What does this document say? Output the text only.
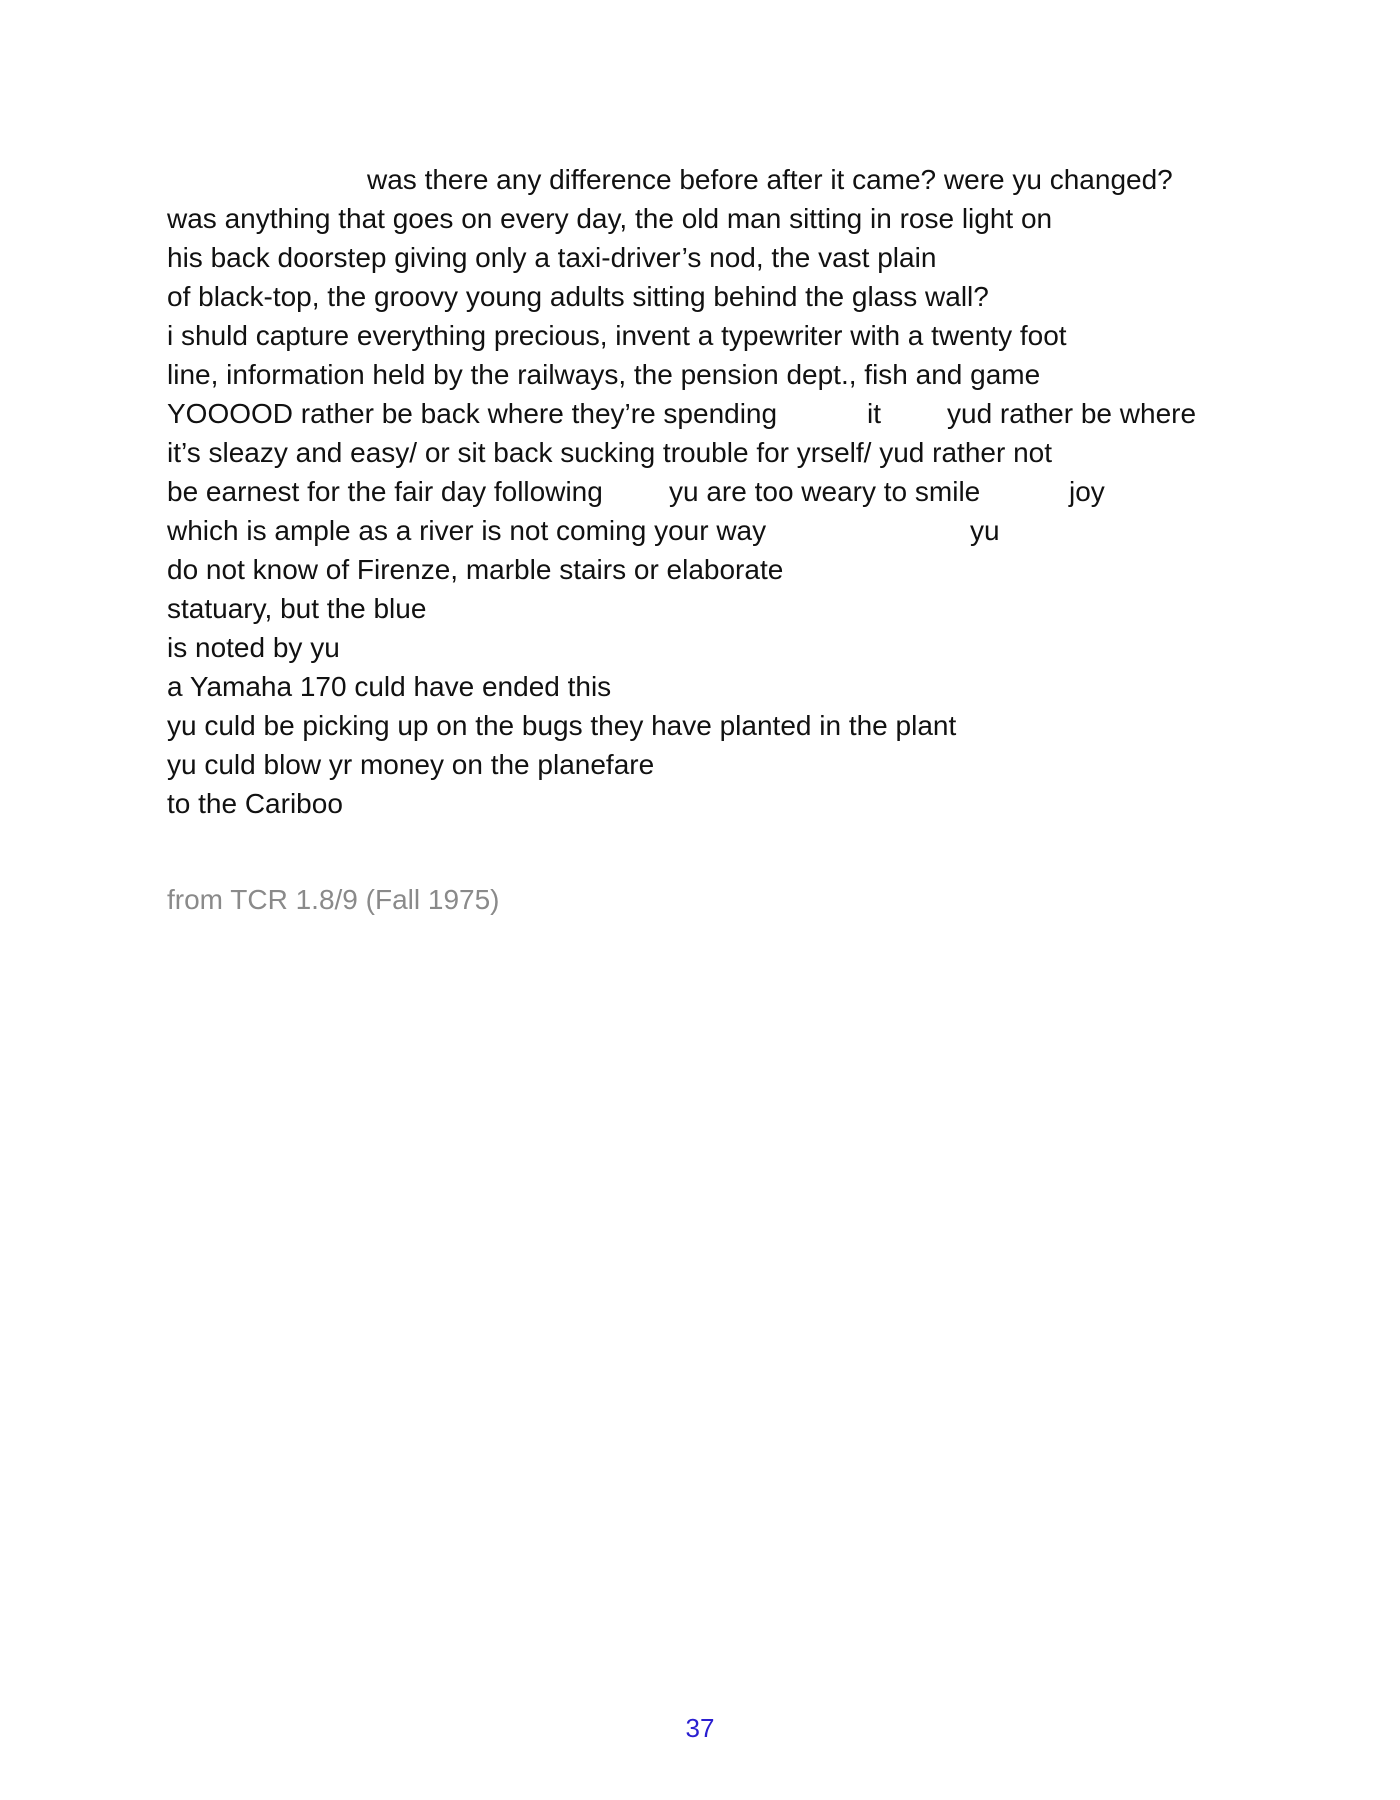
was there any difference before after it came? were yu changed?
was anything that goes on every day, the old man sitting in rose light on
his back doorstep giving only a taxi-driver’s nod, the vast plain
of black-top, the groovy young adults sitting behind the glass wall?
i shuld capture everything precious, invent a typewriter with a twenty foot
line, information held by the railways, the pension dept., fish and game
YOOOOD rather be back where they’re spending	it yud rather be where
it’s sleazy and easy/ or sit back sucking trouble for yrself/ yud rather not
be earnest for the fair day following yu are too weary to smile	joy
which is ample as a river is not coming your way	yu
do not know of Firenze, marble stairs or elaborate
statuary, but the blue
is noted by yu
a Yamaha 170 culd have ended this
yu culd be picking up on the bugs they have planted in the plant
yu culd blow yr money on the planefare
to the Cariboo
from TCR 1.8/9 (Fall 1975)
37
